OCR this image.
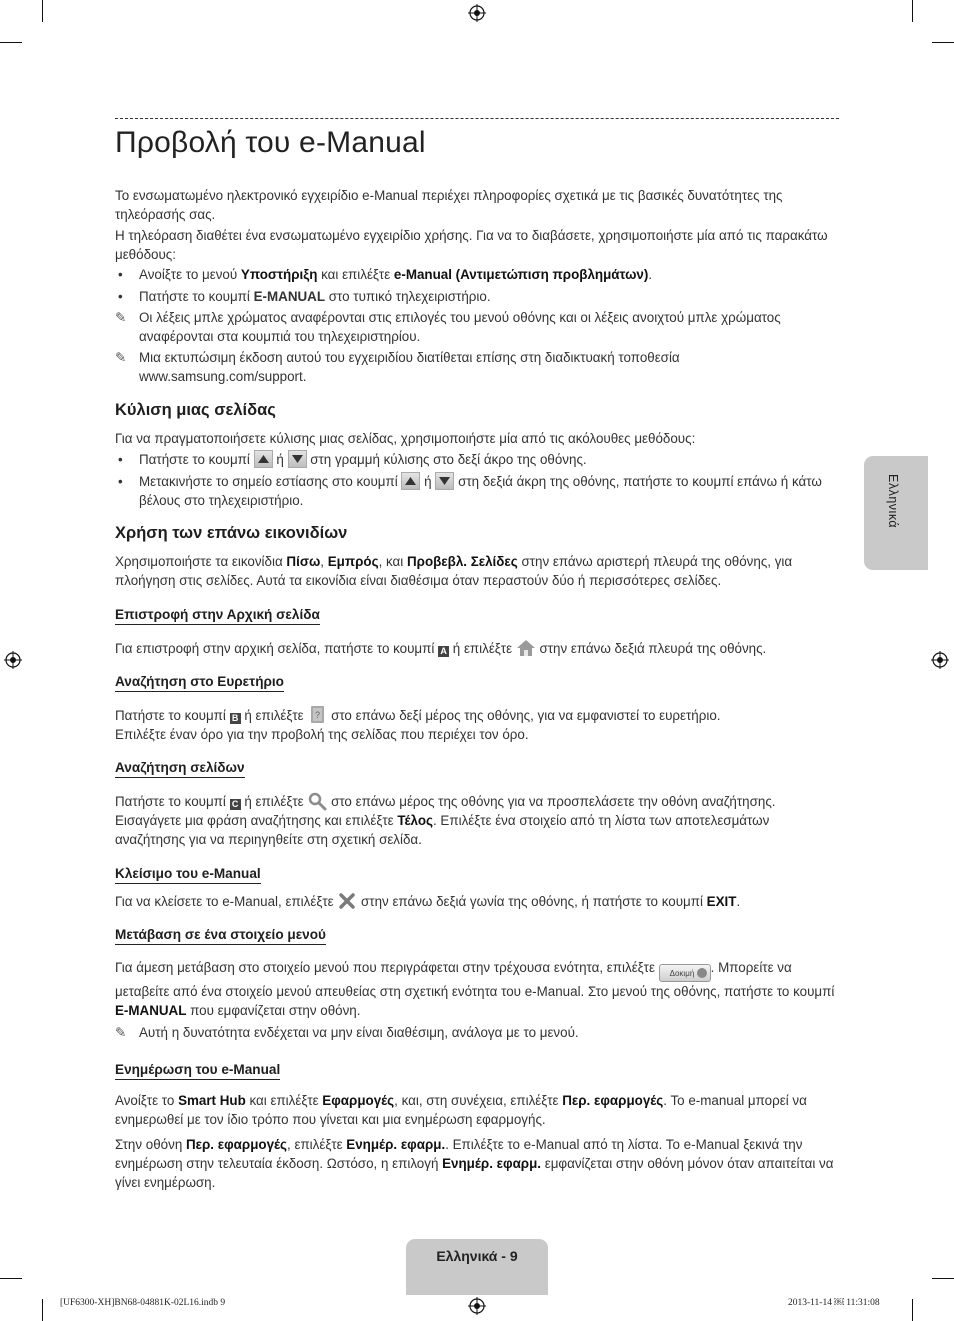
Προβολή του e-Manual
Ελληνικά

Το ενσωματωμένο ηλεκτρονικό εγχειρίδιο e-Manual περιέχει πληροφορίες σχετικά με τις βασικές δυνατότητες της τηλεόρασής σας.

Η τηλεόραση διαθέτει ένα ενσωματωμένο εγχειρίδιο χρήσης. Για να το διαβάσετε, χρησιμοποιήστε μία από τις παρακάτω μεθόδους:

• Ανοίξτε το μενού Υποστήριξη και επιλέξτε e-Manual (Αντιμετώπιση προβλημάτων).
• Πατήστε το κουμπί E-MANUAL στο τυπικό τηλεχειριστήριο.
✎ Οι λέξεις μπλε χρώματος αναφέρονται στις επιλογές του μενού οθόνης και οι λέξεις ανοιχτού μπλε χρώματος αναφέρονται στα κουμπιά του τηλεχειριστηρίου.
✎ Μια εκτυπώσιμη έκδοση αυτού του εγχειριδίου διατίθεται επίσης στη διαδικτυακή τοποθεσία www.samsung.com/support.
Κύλιση μιας σελίδας

Για να πραγματοποιήσετε κύλισης μιας σελίδας, χρησιμοποιήστε μία από τις ακόλουθες μεθόδους:

• Πατήστε το κουμπί
ή
στη γραμμή κύλισης στο δεξί άκρο της οθόνης.
• Μετακινήστε το σημείο εστίασης στο κουμπί
ή
στη δεξιά άκρη της οθόνης, πατήστε το κουμπί επάνω ή κάτω βέλους στο τηλεχειριστήριο.
Χρήση των επάνω εικονιδίων

Χρησιμοποιήστε τα εικονίδια Πίσω, Εμπρός, και Προβεβλ. Σελίδες στην επάνω αριστερή πλευρά της οθόνης, για πλοήγηση στις σελίδες. Αυτά τα εικονίδια είναι διαθέσιμα όταν περαστούν δύο ή περισσότερες σελίδες.

Επιστροφή στην Αρχική σελίδα

Για επιστροφή στην αρχική σελίδα, πατήστε το κουμπί A ή επιλέξτε  στην επάνω δεξιά πλευρά της οθόνης.

Αναζήτηση στο Ευρετήριο

Πατήστε το κουμπί B ή επιλέξτε ? στο επάνω δεξί μέρος της οθόνης, για να εμφανιστεί το ευρετήριο.

Επιλέξτε έναν όρο για την προβολή της σελίδας που περιέχει τον όρο.

Αναζήτηση σελίδων

Πατήστε το κουμπί C ή επιλέξτε  στο επάνω μέρος της οθόνης για να προσπελάσετε την οθόνη αναζήτησης.

Εισαγάγετε μια φράση αναζήτησης και επιλέξτε Τέλος. Επιλέξτε ένα στοιχείο από τη λίστα των αποτελεσμάτων αναζήτησης για να περιηγηθείτε στη σχετική σελίδα.

Κλείσιμο του e-Manual

Για να κλείσετε το e-Manual, επιλέξτε  στην επάνω δεξιά γωνία της οθόνης, ή πατήστε το κουμπί EXIT.

Μετάβαση σε ένα στοιχείο μενού

Για άμεση μετάβαση στο στοιχείο μενού που περιγράφεται στην τρέχουσα ενότητα, επιλέξτε Δοκιμή . Μπορείτε να μεταβείτε από ένα στοιχείο μενού απευθείας στη σχετική ενότητα του e-Manual. Στο μενού της οθόνης, πατήστε το κουμπί E-MANUAL που εμφανίζεται στην οθόνη.

✎ Αυτή η δυνατότητα ενδέχεται να μην είναι διαθέσιμη, ανάλογα με το μενού.
Ενημέρωση του e-Manual

Ανοίξτε το Smart Hub και επιλέξτε Εφαρμογές, και, στη συνέχεια, επιλέξτε Περ. εφαρμογές. Το e-manual μπορεί να ενημερωθεί με τον ίδιο τρόπο που γίνεται και μια ενημέρωση εφαρμογής.

Στην οθόνη Περ. εφαρμογές, επιλέξτε Ενημέρ. εφαρμ.. Επιλέξτε το e-Manual από τη λίστα. Το e-Manual ξεκινά την ενημέρωση στην τελευταία έκδοση. Ωστόσο, η επιλογή Ενημέρ. εφαρμ. εμφανίζεται στην οθόνη μόνον όταν απαιτείται να γίνει ενημέρωση.

Ελληνικά - 9
[UF6300-XH]BN68-04881K-02L16.indb 9	2013-11-14 ￼ 11:31:08
